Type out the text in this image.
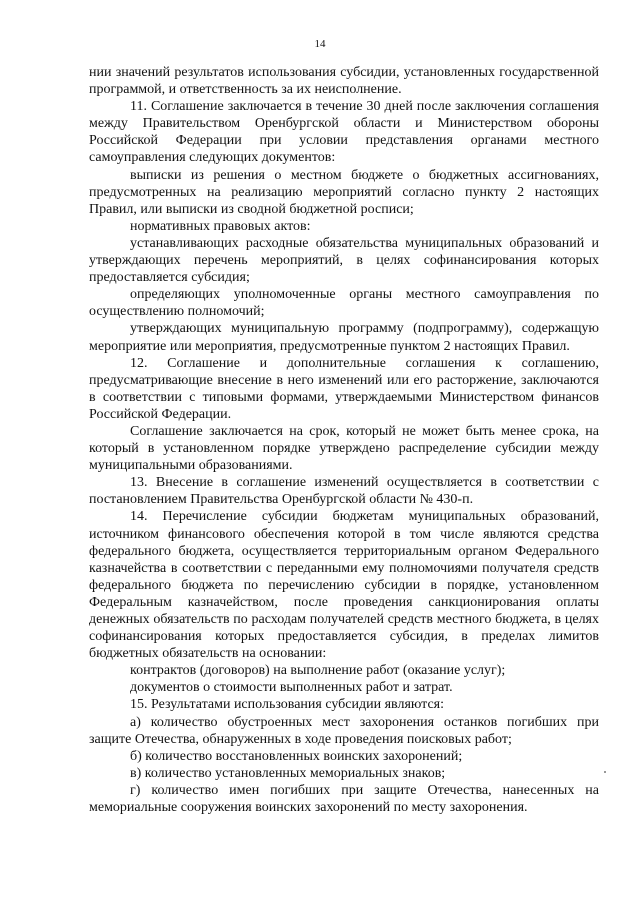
14

нии значений результатов использования субсидии, установленных государственной программой, и ответственность за их неисполнение.

11. Соглашение заключается в течение 30 дней после заключения соглашения между Правительством Оренбургской области и Министерством обороны Российской Федерации при условии представления органами местного самоуправления следующих документов:

выписки из решения о местном бюджете о бюджетных ассигнованиях, предусмотренных на реализацию мероприятий согласно пункту 2 настоящих Правил, или выписки из сводной бюджетной росписи;

нормативных правовых актов:

устанавливающих расходные обязательства муниципальных образований и утверждающих перечень мероприятий, в целях софинансирования которых предоставляется субсидия;

определяющих уполномоченные органы местного самоуправления по осуществлению полномочий;

утверждающих муниципальную программу (подпрограмму), содержащую мероприятие или мероприятия, предусмотренные пунктом 2 настоящих Правил.

12. Соглашение и дополнительные соглашения к соглашению, предусматривающие внесение в него изменений или его расторжение, заключаются в соответствии с типовыми формами, утверждаемыми Министерством финансов Российской Федерации.

Соглашение заключается на срок, который не может быть менее срока, на который в установленном порядке утверждено распределение субсидии между муниципальными образованиями.

13. Внесение в соглашение изменений осуществляется в соответствии с постановлением Правительства Оренбургской области № 430-п.

14. Перечисление субсидии бюджетам муниципальных образований, источником финансового обеспечения которой в том числе являются средства федерального бюджета, осуществляется территориальным органом Федерального казначейства в соответствии с переданными ему полномочиями получателя средств федерального бюджета по перечислению субсидии в порядке, установленном Федеральным казначейством, после проведения санкционирования оплаты денежных обязательств по расходам получателей средств местного бюджета, в целях софинансирования которых предоставляется субсидия, в пределах лимитов бюджетных обязательств на основании:

контрактов (договоров) на выполнение работ (оказание услуг);

документов о стоимости выполненных работ и затрат.

15. Результатами использования субсидии являются:

а) количество обустроенных мест захоронения останков погибших при защите Отечества, обнаруженных в ходе проведения поисковых работ;

б) количество восстановленных воинских захоронений;

в) количество установленных мемориальных знаков;

г) количество имен погибших при защите Отечества, нанесенных на мемориальные сооружения воинских захоронений по месту захоронения.
